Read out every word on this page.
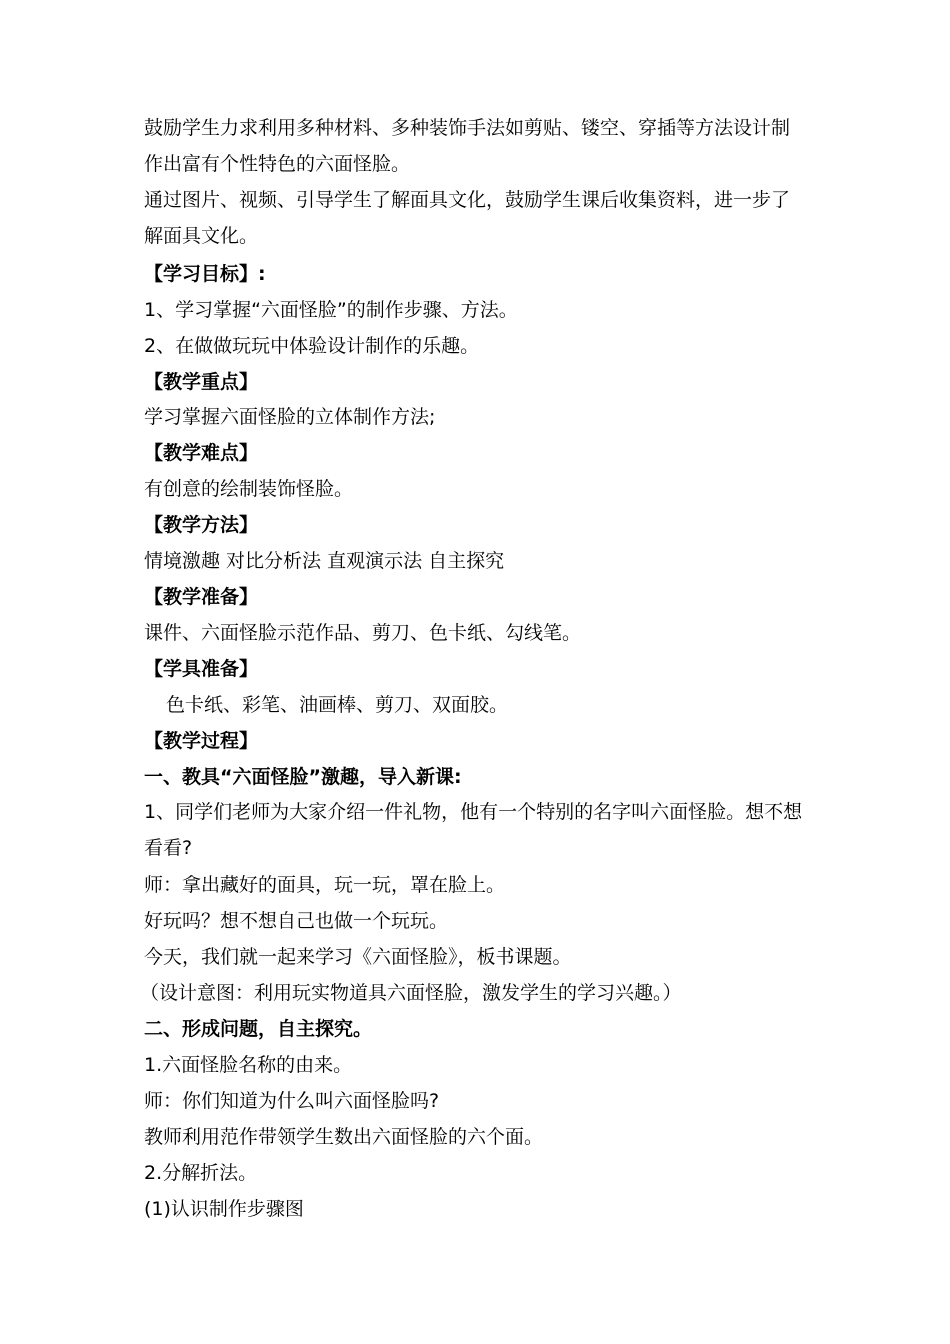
鼓励学生力求利用多种材料、多种装饰手法如剪贴、镂空、穿插等方法设计制
作出富有个性特色的六面怪脸。
通过图片、视频、引导学生了解面具文化，鼓励学生课后收集资料，进一步了
解面具文化。
【学习目标】:
1、学习掌握“六面怪脸”的制作步骤、方法。
2、在做做玩玩中体验设计制作的乐趣。
【教学重点】
学习掌握六面怪脸的立体制作方法;
【教学难点】
有创意的绘制装饰怪脸。
【教学方法】
情境激趣 对比分析法 直观演示法 自主探究
【教学准备】
课件、六面怪脸示范作品、剪刀、色卡纸、勾线笔。
【学具准备】
色卡纸、彩笔、油画棒、剪刀、双面胶。
【教学过程】
一、教具“六面怪脸”激趣，导入新课:
1、同学们老师为大家介绍一件礼物，他有一个特别的名字叫六面怪脸。想不想
看看?
师：拿出藏好的面具，玩一玩，罩在脸上。
好玩吗？想不想自己也做一个玩玩。
今天，我们就一起来学习《六面怪脸》，板书课题。
（设计意图：利用玩实物道具六面怪脸，激发学生的学习兴趣。）
二、形成问题，自主探究。
1.六面怪脸名称的由来。
师：你们知道为什么叫六面怪脸吗?
教师利用范作带领学生数出六面怪脸的六个面。
2.分解折法。
(1)认识制作步骤图
